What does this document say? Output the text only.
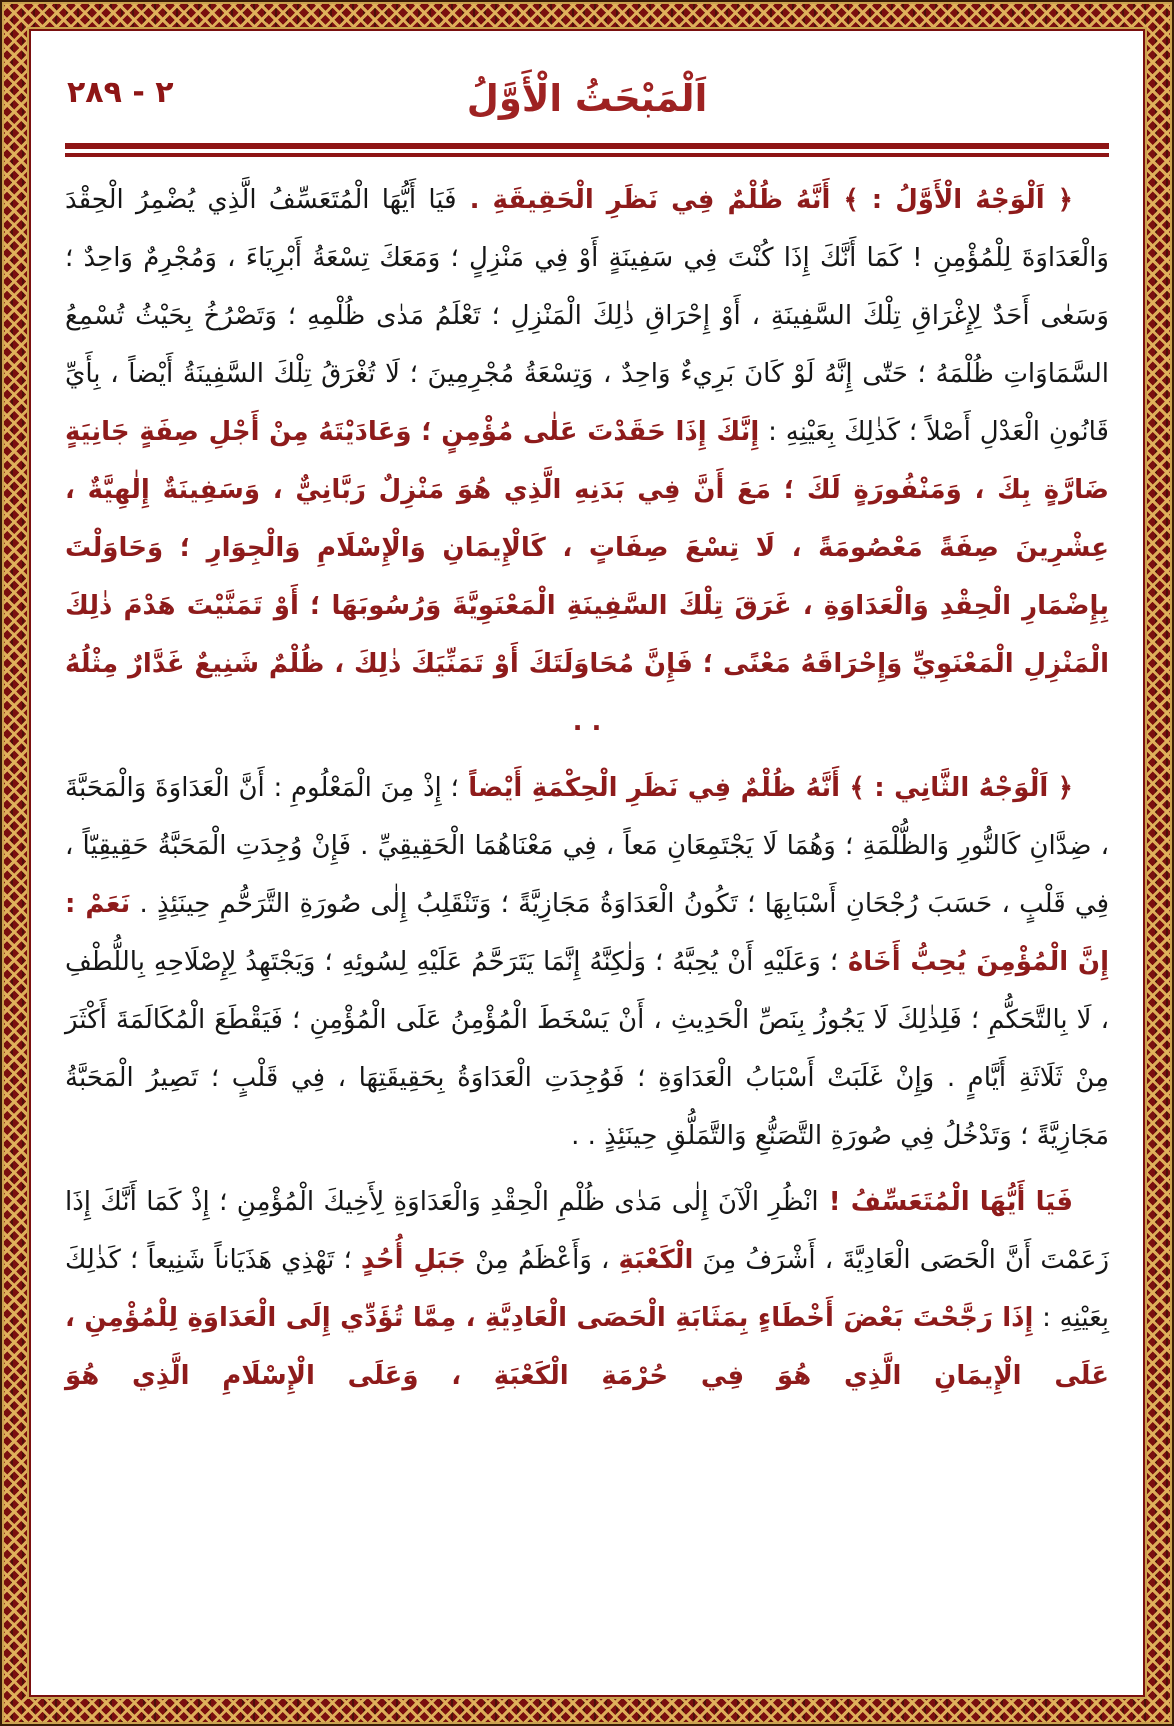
٢ - ٢٨٩	اَلْمَبْحَثُ الْأَوَّلُ

﴿ اَلْوَجْهُ الْأَوَّلُ : ﴾ أَنَّهُ ظُلْمٌ فِي نَظَرِ الْحَقِيقَةِ . فَيَا أَيُّهَا الْمُتَعَسِّفُ الَّذِي يُضْمِرُ الْحِقْدَ وَالْعَدَاوَةَ لِلْمُؤْمِنِ ! كَمَا أَنَّكَ إِذَا كُنْتَ فِي سَفِينَةٍ أَوْ فِي مَنْزِلٍ ؛ وَمَعَكَ تِسْعَةُ أَبْرِيَاءَ ، وَمُجْرِمٌ وَاحِدٌ ؛ وَسَعٰى أَحَدٌ لِإِغْرَاقِ تِلْكَ السَّفِينَةِ ، أَوْ إِحْرَاقِ ذٰلِكَ الْمَنْزِلِ ؛ تَعْلَمُ مَدٰى ظُلْمِهِ ؛ وَتَصْرُخُ بِحَيْثُ تُسْمِعُ السَّمَاوَاتِ ظُلْمَهُ ؛ حَتّٰى إِنَّهُ لَوْ كَانَ بَرِيءٌ وَاحِدٌ ، وَتِسْعَةُ مُجْرِمِينَ ؛ لَا تُغْرَقُ تِلْكَ السَّفِينَةُ أَيْضاً ، بِأَيِّ قَانُونِ الْعَدْلِ أَصْلاً ؛ كَذٰلِكَ بِعَيْنِهِ : إِنَّكَ إِذَا حَقَدْتَ عَلٰى مُؤْمِنٍ ؛ وَعَادَيْتَهُ مِنْ أَجْلِ صِفَةٍ جَانِيَةٍ ضَارَّةٍ بِكَ ، وَمَنْفُورَةٍ لَكَ ؛ مَعَ أَنَّ فِي بَدَنِهِ الَّذِي هُوَ مَنْزِلٌ رَبَّانِيٌّ ، وَسَفِينَةٌ إِلٰهِيَّةٌ ، عِشْرِينَ صِفَةً مَعْصُومَةً ، لَا تِسْعَ صِفَاتٍ ، كَالْإِيمَانِ وَالْإِسْلَامِ وَالْجِوَارِ ؛ وَحَاوَلْتَ بِإِضْمَارِ الْحِقْدِ وَالْعَدَاوَةِ ، غَرَقَ تِلْكَ السَّفِينَةِ الْمَعْنَوِيَّةَ وَرُسُوبَهَا ؛ أَوْ تَمَنَّيْتَ هَدْمَ ذٰلِكَ الْمَنْزِلِ الْمَعْنَوِيِّ وَإِحْرَاقَهُ مَعْنًى ؛ فَإِنَّ مُحَاوَلَتَكَ أَوْ تَمَنِّيَكَ ذٰلِكَ ، ظُلْمٌ شَنِيعٌ غَدَّارٌ مِثْلُهُ . .

﴿ اَلْوَجْهُ الثَّانِي : ﴾ أَنَّهُ ظُلْمٌ فِي نَظَرِ الْحِكْمَةِ أَيْضاً ؛ إِذْ مِنَ الْمَعْلُومِ : أَنَّ الْعَدَاوَةَ وَالْمَحَبَّةَ ، ضِدَّانِ كَالنُّورِ وَالظُّلْمَةِ ؛ وَهُمَا لَا يَجْتَمِعَانِ مَعاً ، فِي مَعْنَاهُمَا الْحَقِيقِيِّ . فَإِنْ وُجِدَتِ الْمَحَبَّةُ حَقِيقِيّاً ، فِي قَلْبٍ ، حَسَبَ رُجْحَانِ أَسْبَابِهَا ؛ تَكُونُ الْعَدَاوَةُ مَجَازِيَّةً ؛ وَتَنْقَلِبُ إِلٰى صُورَةِ التَّرَحُّمِ حِينَئِذٍ . نَعَمْ : إِنَّ الْمُؤْمِنَ يُحِبُّ أَخَاهُ ؛ وَعَلَيْهِ أَنْ يُحِبَّهُ ؛ وَلٰكِنَّهُ إِنَّمَا يَتَرَحَّمُ عَلَيْهِ لِسُوئِهِ ؛ وَيَجْتَهِدُ لِإِصْلَاحِهِ بِاللُّطْفِ ، لَا بِالتَّحَكُّمِ ؛ فَلِذٰلِكَ لَا يَجُوزُ بِنَصِّ الْحَدِيثِ ، أَنْ يَسْخَطَ الْمُؤْمِنُ عَلَى الْمُؤْمِنِ ؛ فَيَقْطَعَ الْمُكَالَمَةَ أَكْثَرَ مِنْ ثَلَاثَةِ أَيَّامٍ . وَإِنْ غَلَبَتْ أَسْبَابُ الْعَدَاوَةِ ؛ فَوُجِدَتِ الْعَدَاوَةُ بِحَقِيقَتِهَا ، فِي قَلْبٍ ؛ تَصِيرُ الْمَحَبَّةُ مَجَازِيَّةً ؛ وَتَدْخُلُ فِي صُورَةِ التَّصَنُّعِ وَالتَّمَلُّقِ حِينَئِذٍ . .

فَيَا أَيُّهَا الْمُتَعَسِّفُ ! انْظُرِ الْآنَ إِلٰى مَدٰى ظُلْمِ الْحِقْدِ وَالْعَدَاوَةِ لِأَخِيكَ الْمُؤْمِنِ ؛ إِذْ كَمَا أَنَّكَ إِذَا زَعَمْتَ أَنَّ الْحَصَى الْعَادِيَّةَ ، أَشْرَفُ مِنَ الْكَعْبَةِ ، وَأَعْظَمُ مِنْ جَبَلِ أُحُدٍ ؛ تَهْذِي هَذَيَاناً شَنِيعاً ؛ كَذٰلِكَ بِعَيْنِهِ : إِذَا رَجَّحْتَ بَعْضَ أَخْطَاءٍ بِمَثَابَةِ الْحَصَى الْعَادِيَّةِ ، مِمَّا تُؤَدِّي إِلَى الْعَدَاوَةِ لِلْمُؤْمِنِ ، عَلَى الْإِيمَانِ الَّذِي هُوَ فِي حُرْمَةِ الْكَعْبَةِ ، وَعَلَى الْإِسْلَامِ الَّذِي هُوَ
